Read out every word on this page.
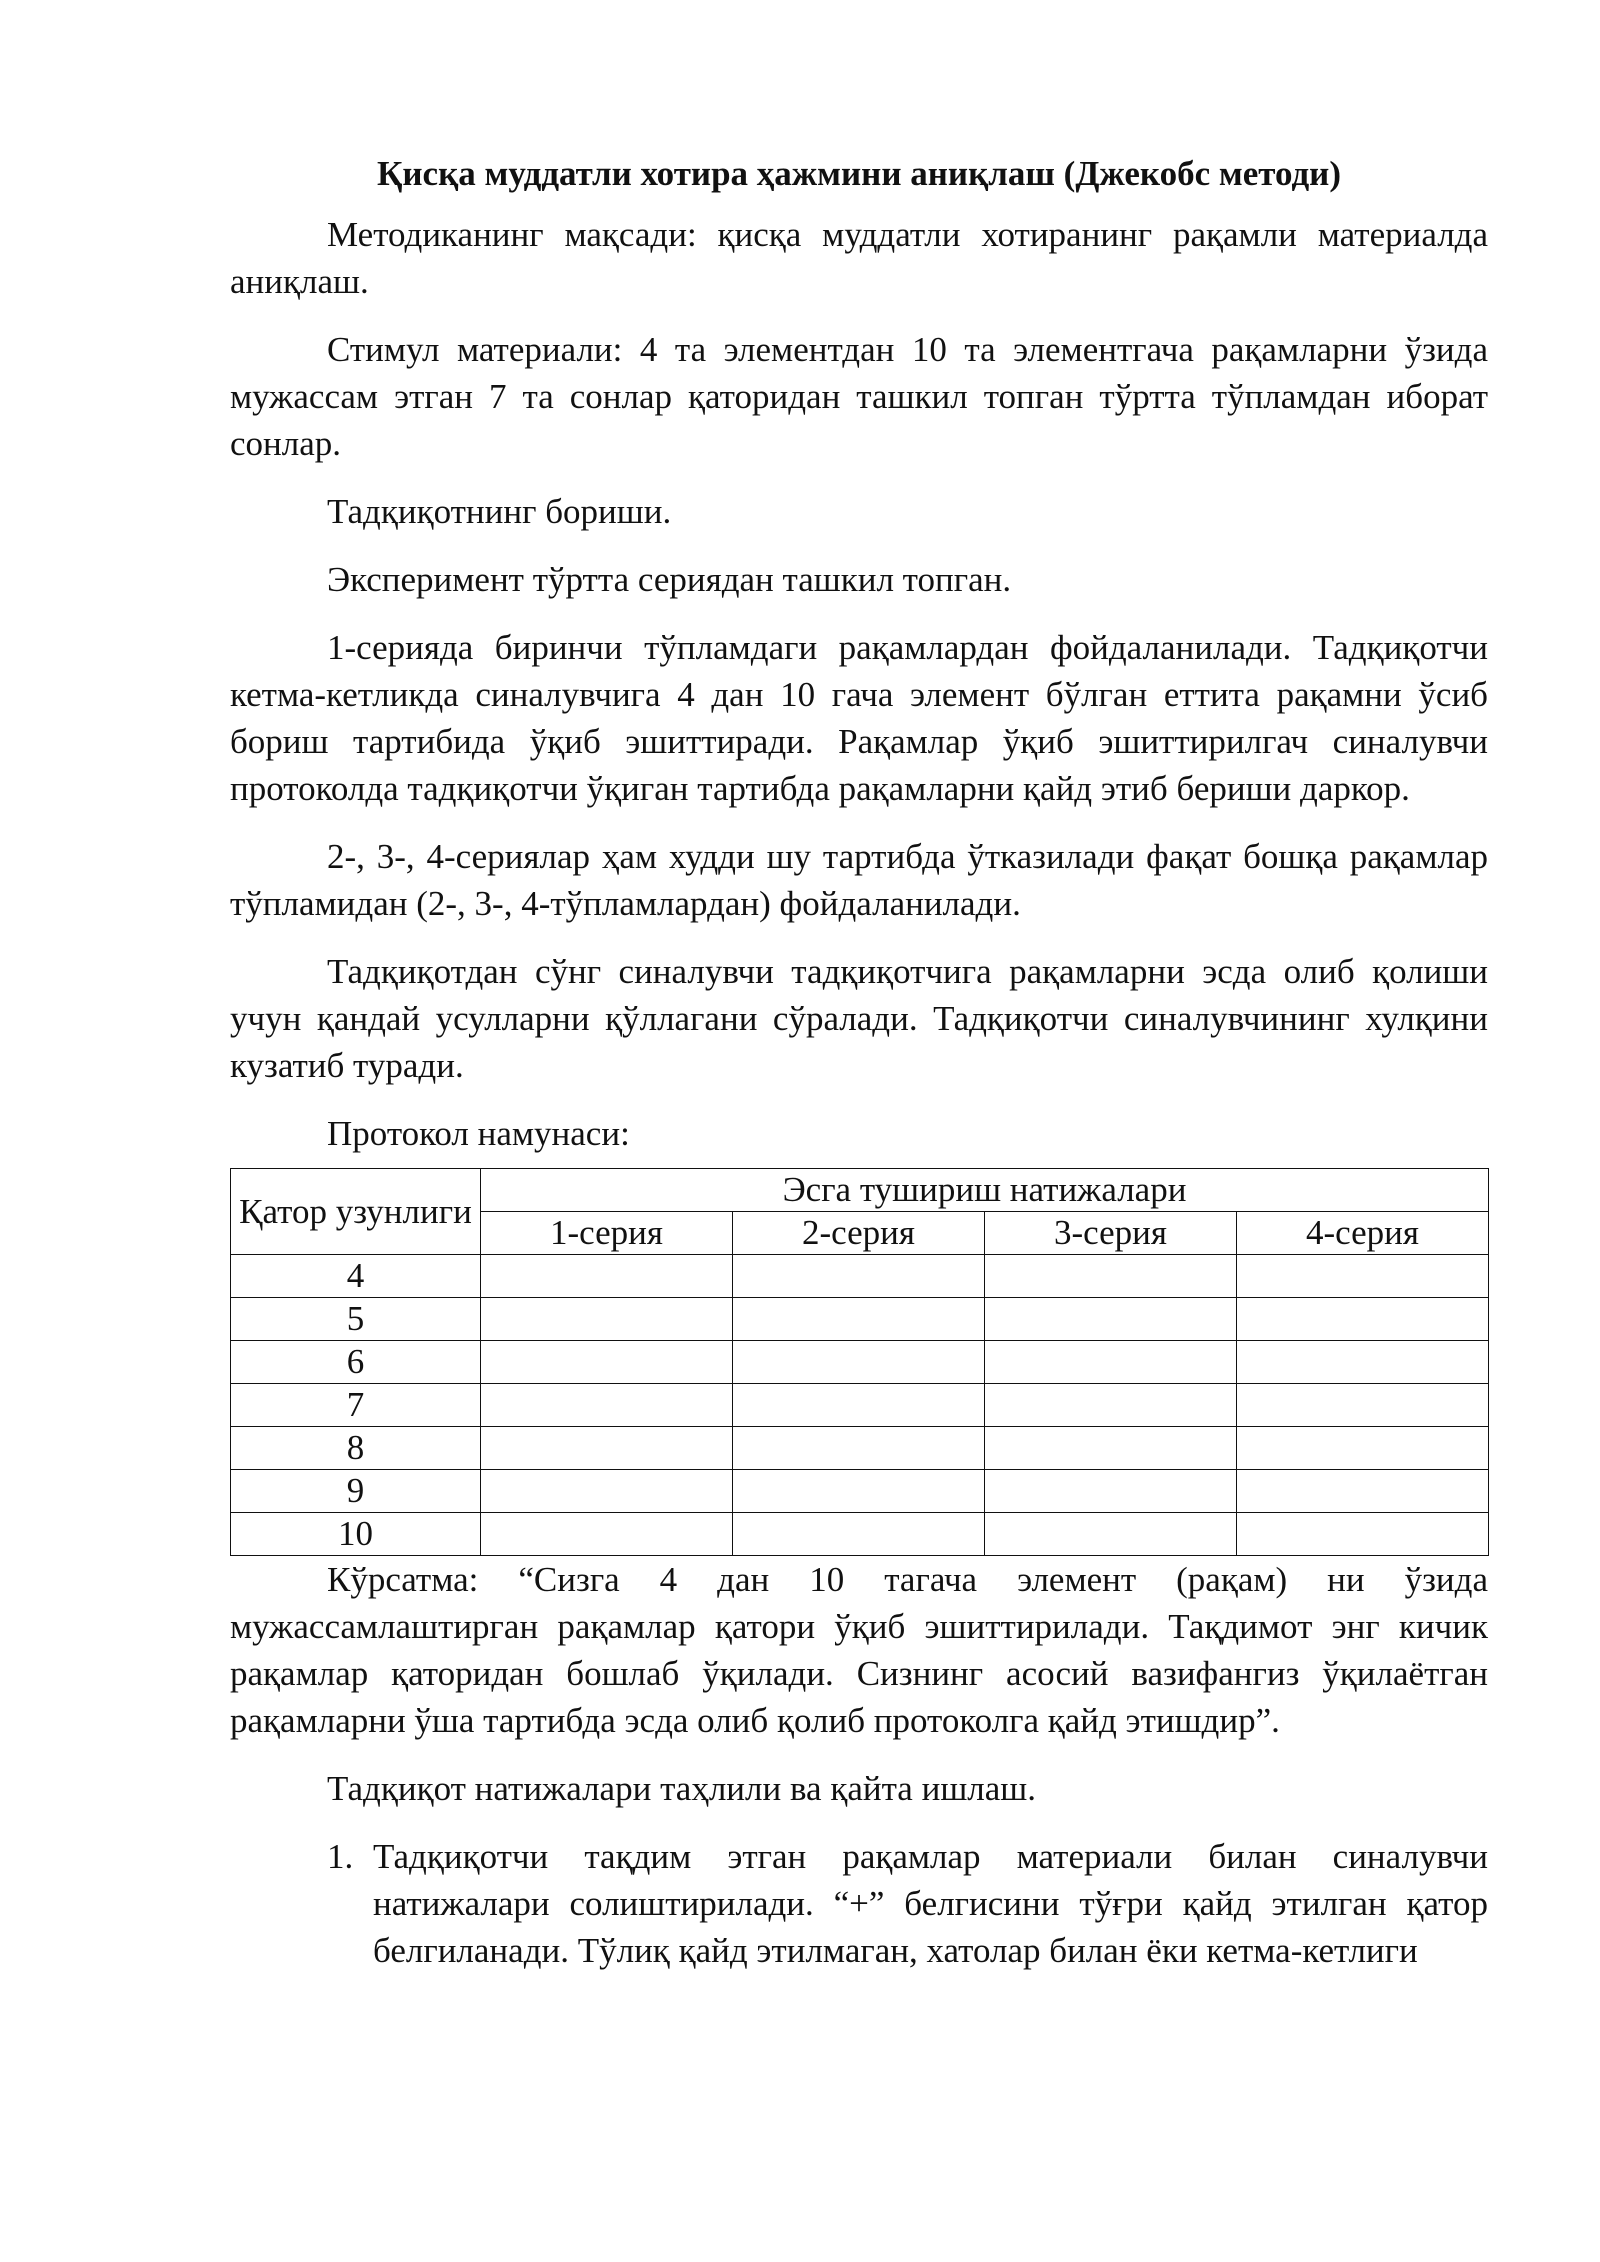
Қисқа муддатли хотира ҳажмини аниқлаш (Джекобс методи)

Методиканинг мақсади: қисқа муддатли хотиранинг рақамли материалда аниқлаш.

Стимул материали: 4 та элементдан 10 та элементгача рақамларни ўзида мужассам этган 7 та сонлар қаторидан ташкил топган тўртта тўпламдан иборат сонлар.

Тадқиқотнинг бориши.

Эксперимент тўртта сериядан ташкил топган.

1-серияда биринчи тўпламдаги рақамлардан фойдаланилади. Тадқиқотчи кетма-кетликда синалувчига 4 дан 10 гача элемент бўлган еттита рақамни ўсиб бориш тартибида ўқиб эшиттиради. Рақамлар ўқиб эшиттирилгач синалувчи протоколда тадқиқотчи ўқиган тартибда рақамларни қайд этиб бериши даркор.

2-, 3-, 4-сериялар ҳам худди шу тартибда ўтказилади фақат бошқа рақамлар тўпламидан (2-, 3-, 4-тўпламлардан) фойдаланилади.

Тадқиқотдан сўнг синалувчи тадқиқотчига рақамларни эсда олиб қолиши учун қандай усулларни қўллагани сўралади. Тадқиқотчи синалувчининг хулқини кузатиб туради.

Протокол намунаси:

Қатор узунлиги	Эсга тушириш натижалари			
	1-серия	2-серия	3-серия	4-серия
4				
5				
6				
7				
8				
9				
10				

Кўрсатма: “Сизга 4 дан 10 тагача элемент (рақам) ни ўзида мужассамлаштирган рақамлар қатори ўқиб эшиттирилади. Тақдимот энг кичик рақамлар қаторидан бошлаб ўқилади. Сизнинг асосий вазифангиз ўқилаётган рақамларни ўша тартибда эсда олиб қолиб протоколга қайд этишдир”.

Тадқиқот натижалари таҳлили ва қайта ишлаш.

1. Тадқиқотчи тақдим этган рақамлар материали билан синалувчи натижалари солиштирилади. “+” белгисини тўғри қайд этилган қатор белгиланади. Тўлиқ қайд этилмаган, хатолар билан ёки кетма-кетлиги
